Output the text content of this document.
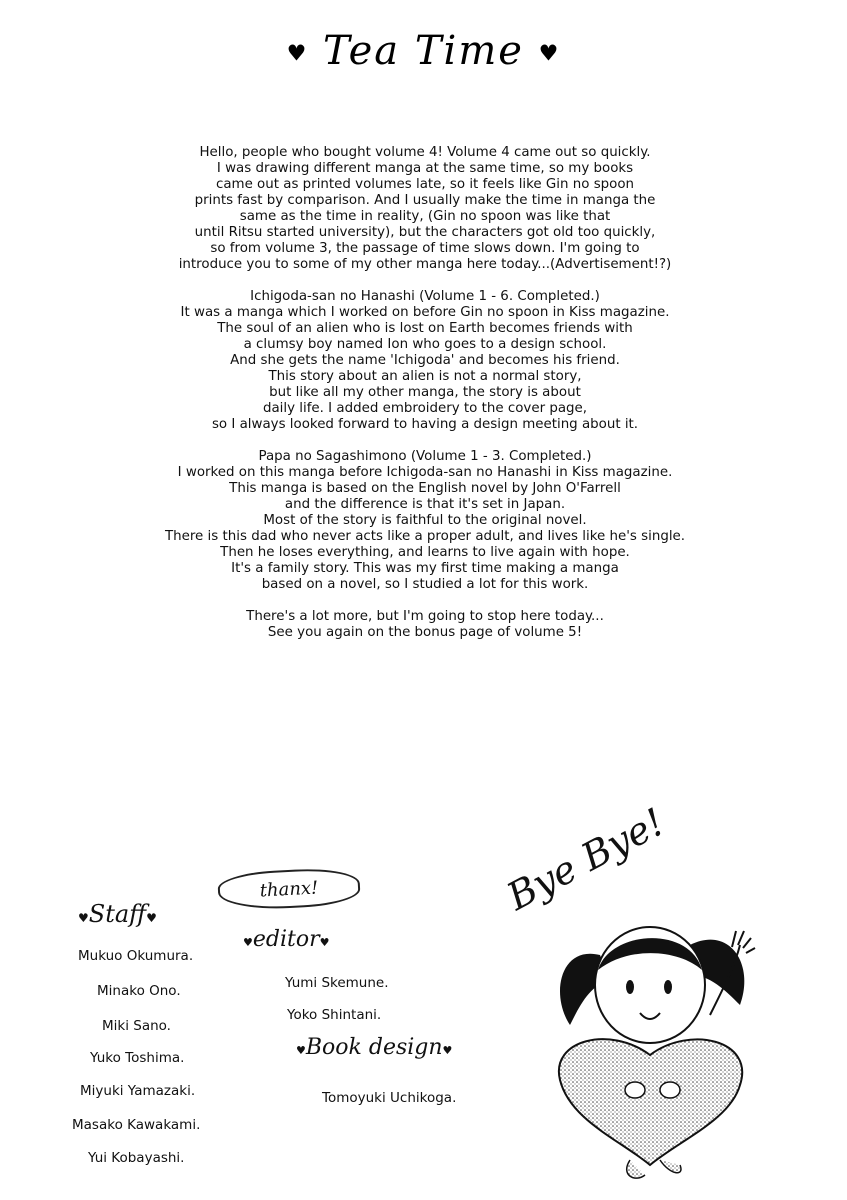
♥ Tea Time ♥
Hello, people who bought volume 4! Volume 4 came out so quickly.
I was drawing different manga at the same time, so my books
came out as printed volumes late, so it feels like Gin no spoon
prints fast by comparison. And I usually make the time in manga the
same as the time in reality, (Gin no spoon was like that
until Ritsu started university), but the characters got old too quickly,
so from volume 3, the passage of time slows down. I'm going to
introduce you to some of my other manga here today...(Advertisement!?)
Ichigoda-san no Hanashi (Volume 1 - 6. Completed.)
It was a manga which I worked on before Gin no spoon in Kiss magazine.
The soul of an alien who is lost on Earth becomes friends with
a clumsy boy named Ion who goes to a design school.
And she gets the name 'Ichigoda' and becomes his friend.
This story about an alien is not a normal story,
but like all my other manga, the story is about
daily life. I added embroidery to the cover page,
so I always looked forward to having a design meeting about it.
Papa no Sagashimono (Volume 1 - 3. Completed.)
I worked on this manga before Ichigoda-san no Hanashi in Kiss magazine.
This manga is based on the English novel by John O'Farrell
and the difference is that it's set in Japan.
Most of the story is faithful to the original novel.
There is this dad who never acts like a proper adult, and lives like he's single.
Then he loses everything, and learns to live again with hope.
It's a family story. This was my first time making a manga
based on a novel, so I studied a lot for this work.
There's a lot more, but I'm going to stop here today...
See you again on the bonus page of volume 5!
thanx!
♥Staff♥
♥editor♥
♥Book design♥
Mukuo Okumura.
Minako Ono.
Miki Sano.
Yuko Toshima.
Miyuki Yamazaki.
Masako Kawakami.
Yui Kobayashi.
Yumi Skemune.
Yoko Shintani.
Tomoyuki Uchikoga.
Bye Bye!
